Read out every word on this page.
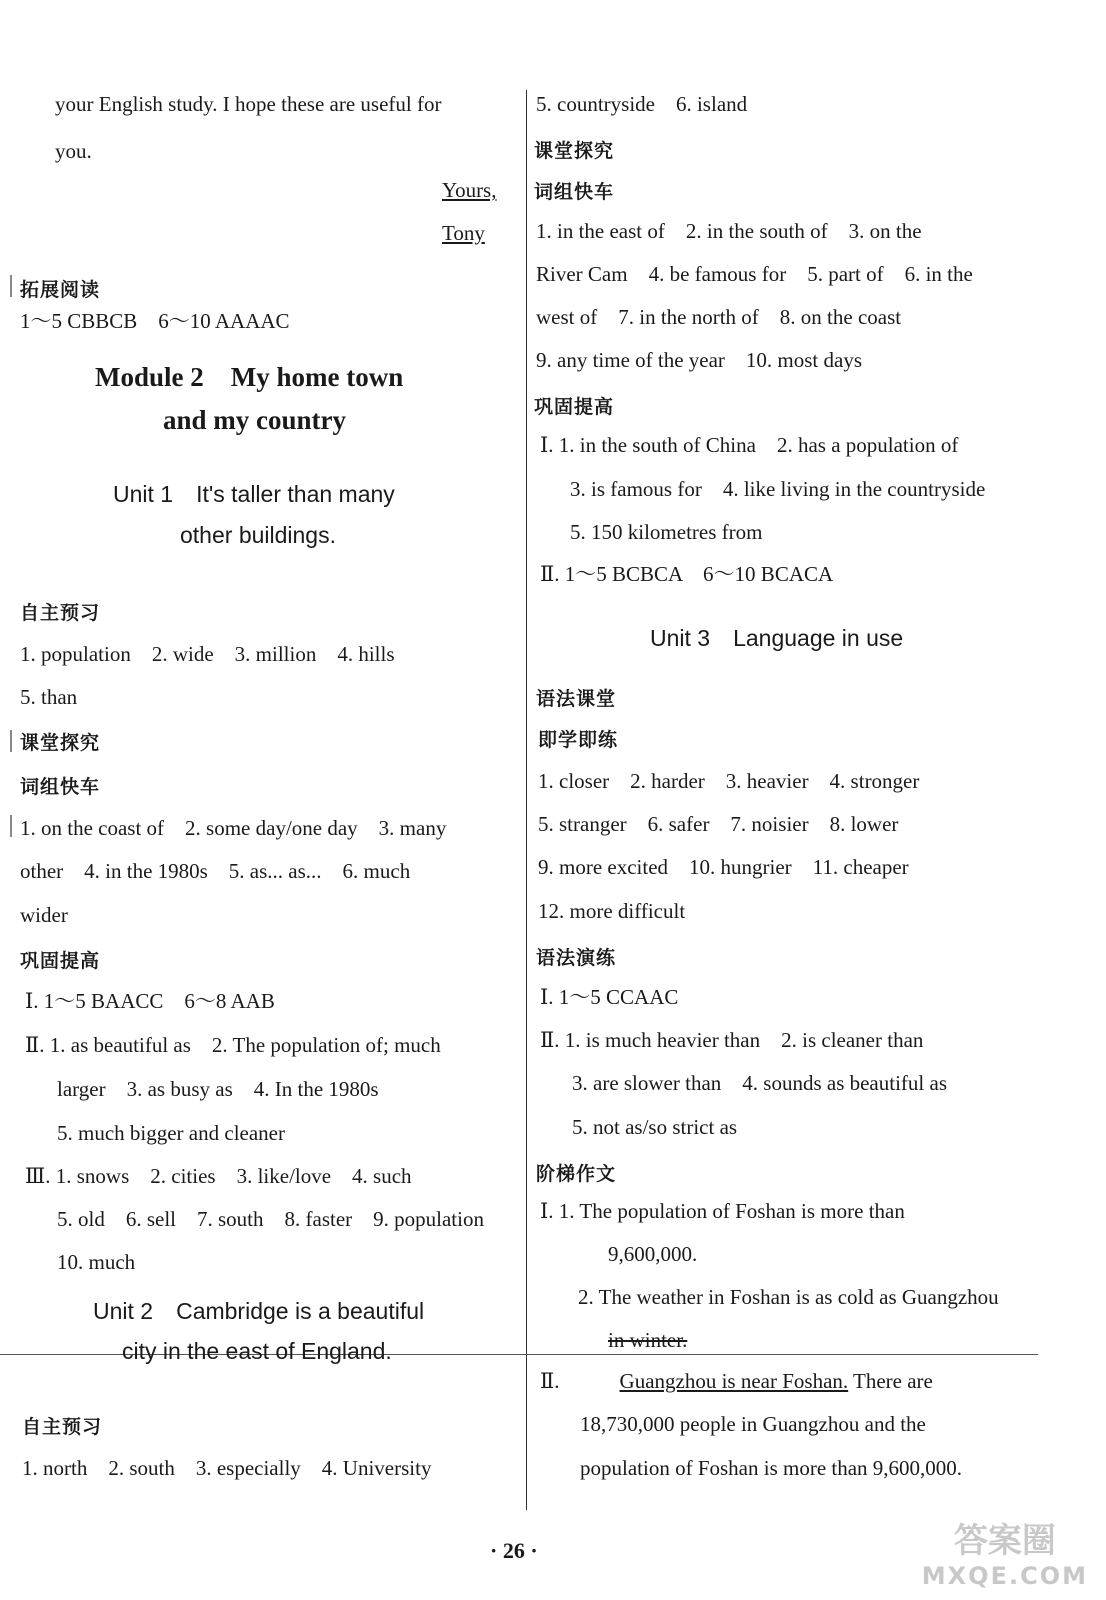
your English study. I hope these are useful for
you.
Yours,
Tony
拓展阅读
1～5 CBBCB　6～10 AAAAC
Module 2　My home town
and my country
Unit 1　It's taller than many
other buildings.
自主预习
1. population　2. wide　3. million　4. hills
5. than
课堂探究
词组快车
1. on the coast of　2. some day/one day　3. many
other　4. in the 1980s　5. as... as...　6. much
wider
巩固提高
Ⅰ. 1～5 BAACC　6～8 AAB
Ⅱ. 1. as beautiful as　2. The population of; much
larger　3. as busy as　4. In the 1980s
5. much bigger and cleaner
Ⅲ. 1. snows　2. cities　3. like/love　4. such
5. old　6. sell　7. south　8. faster　9. population
10. much
Unit 2　Cambridge is a beautiful
city in the east of England.
自主预习
1. north　2. south　3. especially　4. University
5. countryside　6. island
课堂探究
词组快车
1. in the east of　2. in the south of　3. on the
River Cam　4. be famous for　5. part of　6. in the
west of　7. in the north of　8. on the coast
9. any time of the year　10. most days
巩固提高
Ⅰ. 1. in the south of China　2. has a population of
3. is famous for　4. like living in the countryside
5. 150 kilometres from
Ⅱ. 1～5 BCBCA　6～10 BCACA
Unit 3　Language in use
语法课堂
即学即练
1. closer　2. harder　3. heavier　4. stronger
5. stranger　6. safer　7. noisier　8. lower
9. more excited　10. hungrier　11. cheaper
12. more difficult
语法演练
Ⅰ. 1～5 CCAAC
Ⅱ. 1. is much heavier than　2. is cleaner than
3. are slower than　4. sounds as beautiful as
5. not as/so strict as
阶梯作文
Ⅰ. 1. The population of Foshan is more than
9,600,000.
2. The weather in Foshan is as cold as Guangzhou
in winter.
Ⅱ.	Guangzhou is near Foshan. There are
18,730,000 people in Guangzhou and the
population of Foshan is more than 9,600,000.
· 26 ·	答案圈
MXQE.COM
